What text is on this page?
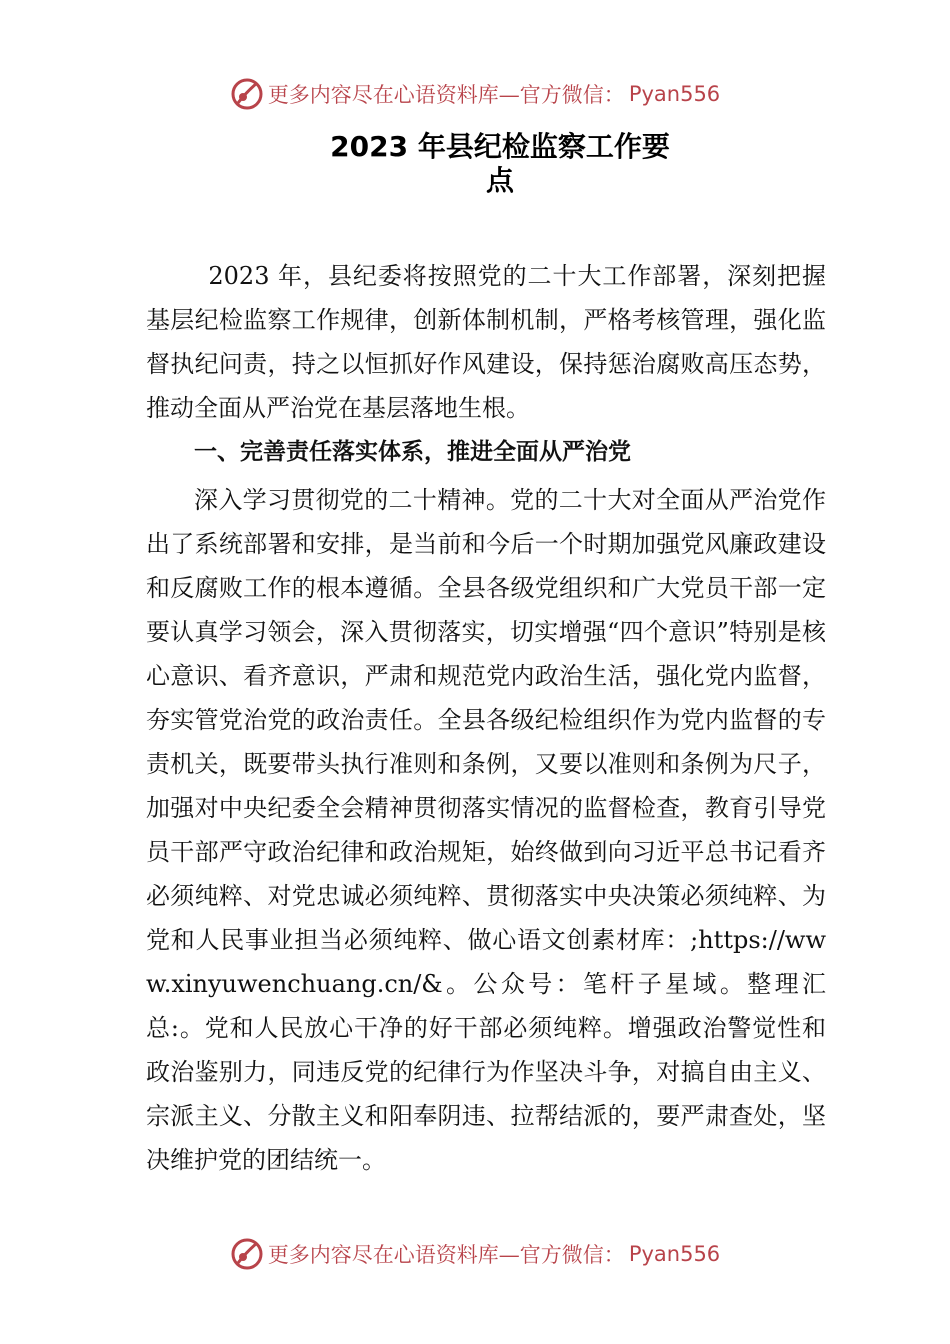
更多内容尽在心语资料库—官方微信： Pyan556
2023 年县纪检监察工作要
点

2023 年，县纪委将按照党的二十大工作部署，深刻把握基层纪检监察工作规律，创新体制机制，严格考核管理，强化监督执纪问责，持之以恒抓好作风建设，保持惩治腐败高压态势，推动全面从严治党在基层落地生根。

一、完善责任落实体系，推进全面从严治党

深入学习贯彻党的二十精神。党的二十大对全面从严治党作出了系统部署和安排，是当前和今后一个时期加强党风廉政建设和反腐败工作的根本遵循。全县各级党组织和广大党员干部一定要认真学习领会，深入贯彻落实，切实增强“四个意识”特别是核心意识、看齐意识，严肃和规范党内政治生活，强化党内监督，夯实管党治党的政治责任。全县各级纪检组织作为党内监督的专责机关，既要带头执行准则和条例，又要以准则和条例为尺子，加强对中央纪委全会精神贯彻落实情况的监督检查，教育引导党员干部严守政治纪律和政治规矩，始终做到向习近平总书记看齐必须纯粹、对党忠诚必须纯粹、贯彻落实中央决策必须纯粹、为党和人民事业担当必须纯粹、做心语文创素材库：;https://www.xinyuwenchuang.cn/&。公众号：笔杆子星域。整理汇总:。党和人民放心干净的好干部必须纯粹。增强政治警觉性和政治鉴别力，同违反党的纪律行为作坚决斗争，对搞自由主义、宗派主义、分散主义和阳奉阴违、拉帮结派的，要严肃查处，坚决维护党的团结统一。

更多内容尽在心语资料库—官方微信： Pyan556
